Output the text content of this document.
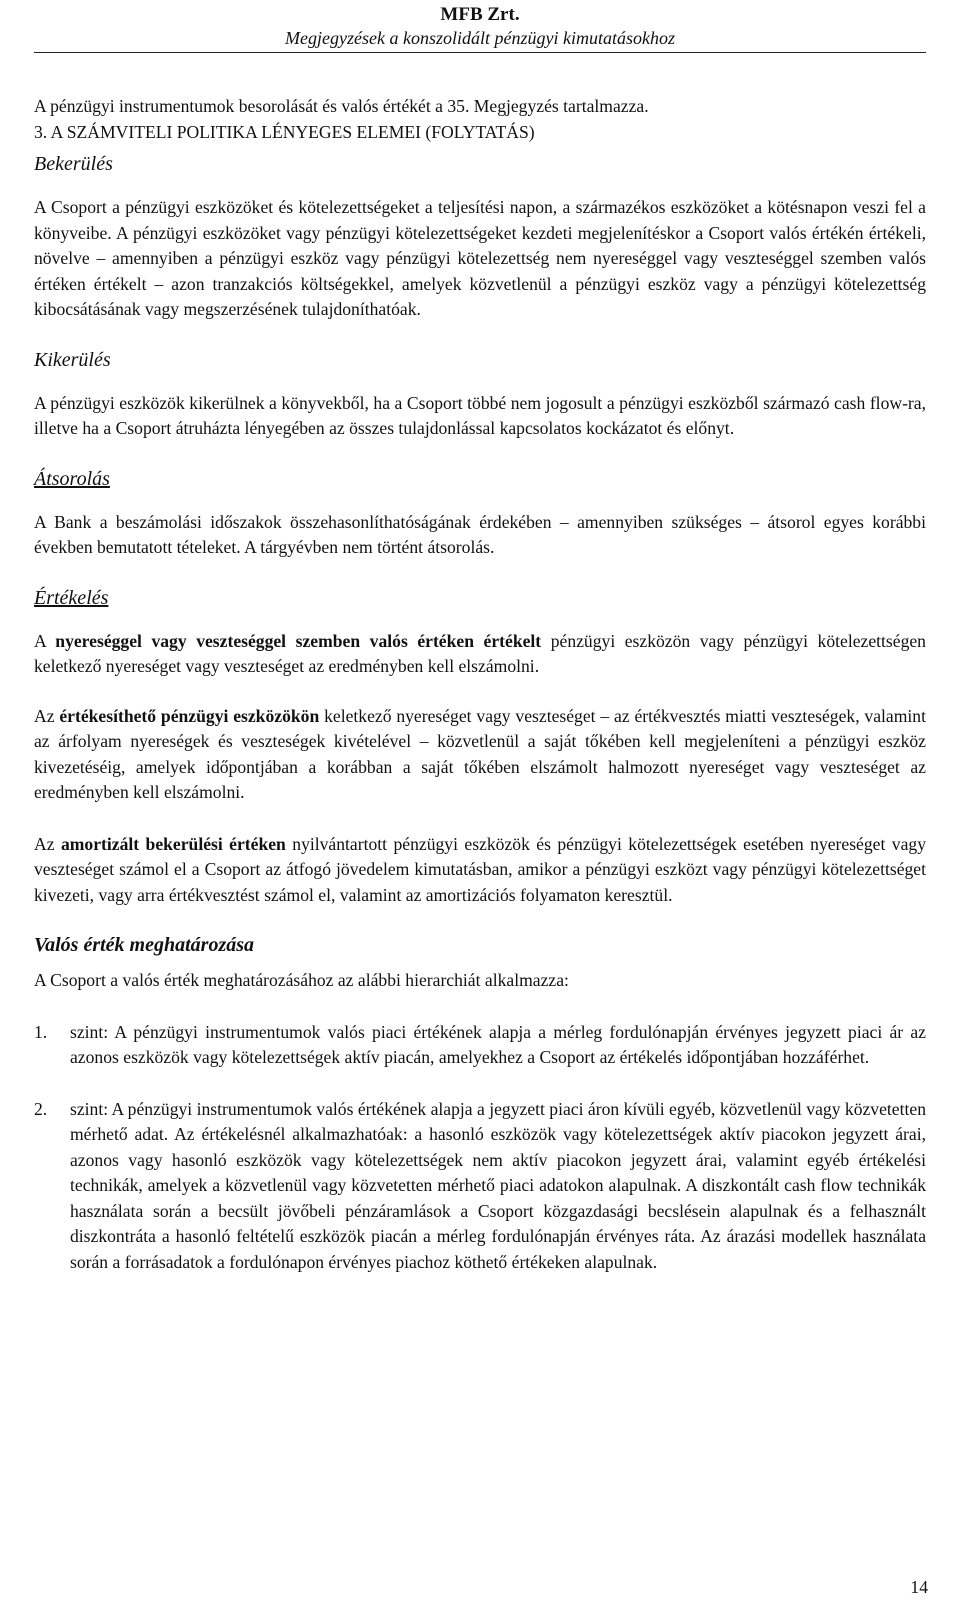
MFB Zrt.
Megjegyzések a konszolidált pénzügyi kimutatásokhoz

A pénzügyi instrumentumok besorolását és valós értékét a 35. Megjegyzés tartalmazza.

3. A SZÁMVITELI POLITIKA LÉNYEGES ELEMEI (FOLYTATÁS)

Bekerülés

A Csoport a pénzügyi eszközöket és kötelezettségeket a teljesítési napon, a származékos eszközöket a kötésnapon veszi fel a könyveibe. A pénzügyi eszközöket vagy pénzügyi kötelezettségeket kezdeti megjelenítéskor a Csoport valós értékén értékeli, növelve – amennyiben a pénzügyi eszköz vagy pénzügyi kötelezettség nem nyereséggel vagy veszteséggel szemben valós értéken értékelt – azon tranzakciós költségekkel, amelyek közvetlenül a pénzügyi eszköz vagy a pénzügyi kötelezettség kibocsátásának vagy megszerzésének tulajdoníthatóak.

Kikerülés

A pénzügyi eszközök kikerülnek a könyvekből, ha a Csoport többé nem jogosult a pénzügyi eszközből származó cash flow-ra, illetve ha a Csoport átruházta lényegében az összes tulajdonlással kapcsolatos kockázatot és előnyt.

Átsorolás

A Bank a beszámolási időszakok összehasonlíthatóságának érdekében – amennyiben szükséges – átsorol egyes korábbi években bemutatott tételeket. A tárgyévben nem történt átsorolás.

Értékelés

A nyereséggel vagy veszteséggel szemben valós értéken értékelt pénzügyi eszközön vagy pénzügyi kötelezettségen keletkező nyereséget vagy veszteséget az eredményben kell elszámolni.

Az értékesíthető pénzügyi eszközökön keletkező nyereséget vagy veszteséget – az értékvesztés miatti veszteségek, valamint az árfolyam nyereségek és veszteségek kivételével – közvetlenül a saját tőkében kell megjeleníteni a pénzügyi eszköz kivezetéséig, amelyek időpontjában a korábban a saját tőkében elszámolt halmozott nyereséget vagy veszteséget az eredményben kell elszámolni.

Az amortizált bekerülési értéken nyilvántartott pénzügyi eszközök és pénzügyi kötelezettségek esetében nyereséget vagy veszteséget számol el a Csoport az átfogó jövedelem kimutatásban, amikor a pénzügyi eszközt vagy pénzügyi kötelezettséget kivezeti, vagy arra értékvesztést számol el, valamint az amortizációs folyamaton keresztül.

Valós érték meghatározása

A Csoport a valós érték meghatározásához az alábbi hierarchiát alkalmazza:

1.	szint: A pénzügyi instrumentumok valós piaci értékének alapja a mérleg fordulónapján érvényes jegyzett piaci ár az azonos eszközök vagy kötelezettségek aktív piacán, amelyekhez a Csoport az értékelés időpontjában hozzáférhet.
2.	szint: A pénzügyi instrumentumok valós értékének alapja a jegyzett piaci áron kívüli egyéb, közvetlenül vagy közvetetten mérhető adat. Az értékelésnél alkalmazhatóak: a hasonló eszközök vagy kötelezettségek aktív piacokon jegyzett árai, azonos vagy hasonló eszközök vagy kötelezettségek nem aktív piacokon jegyzett árai, valamint egyéb értékelési technikák, amelyek a közvetlenül vagy közvetetten mérhető piaci adatokon alapulnak. A diszkontált cash flow technikák használata során a becsült jövőbeli pénzáramlások a Csoport közgazdasági becslésein alapulnak és a felhasznált diszkontráta a hasonló feltételű eszközök piacán a mérleg fordulónapján érvényes ráta. Az árazási modellek használata során a forrásadatok a fordulónapon érvényes piachoz köthető értékeken alapulnak.
14
